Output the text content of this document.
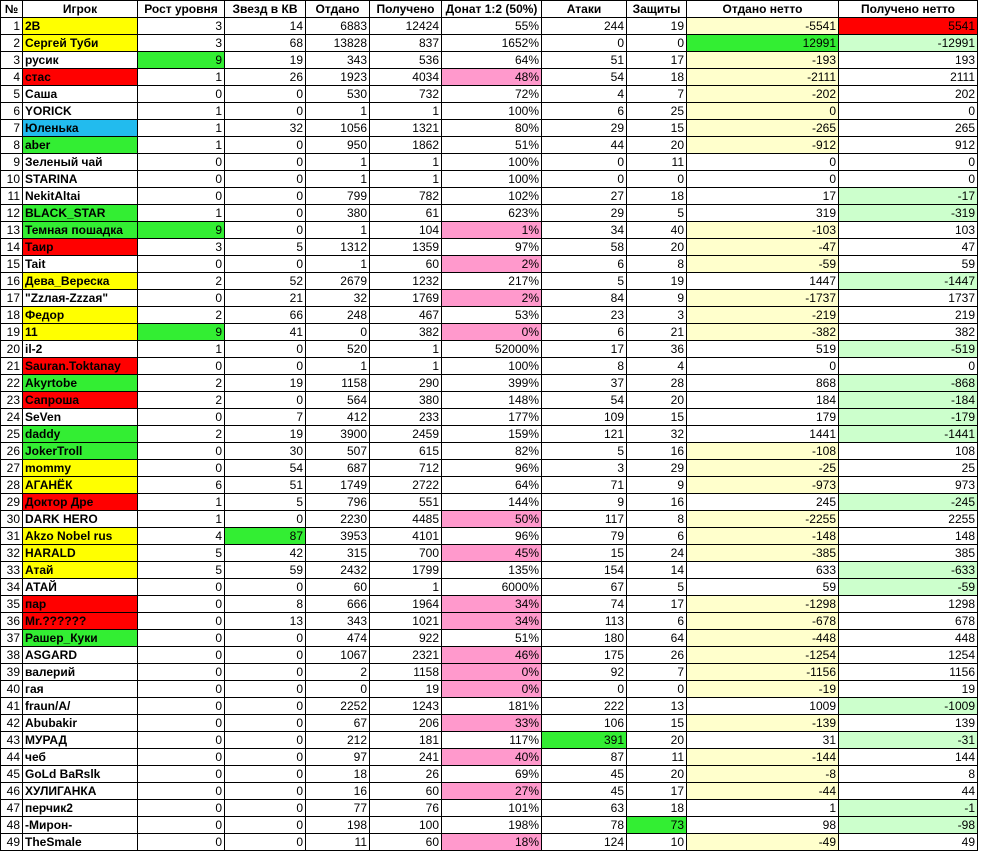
№	Игрок	Рост уровня	Звезд в КВ	Отдано	Получено	Донат 1:2 (50%)	Атаки	Защиты	Отдано нетто	Получено нетто
1	2B	3	14	6883	12424	55%	244	19	-5541	5541
2	Сергей Туби	3	68	13828	837	1652%	0	0	12991	-12991
3	русик	9	19	343	536	64%	51	17	-193	193
4	стас	1	26	1923	4034	48%	54	18	-2111	2111
5	Саша	0	0	530	732	72%	4	7	-202	202
6	YORICK	1	0	1	1	100%	6	25	0	0
7	Юленька	1	32	1056	1321	80%	29	15	-265	265
8	aber	1	0	950	1862	51%	44	20	-912	912
9	Зеленый чай	0	0	1	1	100%	0	11	0	0
10	STARINA	0	0	1	1	100%	0	0	0	0
11	NekitAltai	0	0	799	782	102%	27	18	17	-17
12	BLACK_STAR	1	0	380	61	623%	29	5	319	-319
13	Темная пошадка	9	0	1	104	1%	34	40	-103	103
14	Таир	3	5	1312	1359	97%	58	20	-47	47
15	Tait	0	0	1	60	2%	6	8	-59	59
16	Дева_Вереска	2	52	2679	1232	217%	5	19	1447	-1447
17	"Zzлая-Zzzая"	0	21	32	1769	2%	84	9	-1737	1737
18	Федор	2	66	248	467	53%	23	3	-219	219
19	11	9	41	0	382	0%	6	21	-382	382
20	il-2	1	0	520	1	52000%	17	36	519	-519
21	Sauran.Toktanay	0	0	1	1	100%	8	4	0	0
22	Akyrtobe	2	19	1158	290	399%	37	28	868	-868
23	Сапроша	2	0	564	380	148%	54	20	184	-184
24	SeVen	0	7	412	233	177%	109	15	179	-179
25	daddy	2	19	3900	2459	159%	121	32	1441	-1441
26	JokerTroll	0	30	507	615	82%	5	16	-108	108
27	mommy	0	54	687	712	96%	3	29	-25	25
28	АГАНЁК	6	51	1749	2722	64%	71	9	-973	973
29	Доктор Дре	1	5	796	551	144%	9	16	245	-245
30	DARK HERO	1	0	2230	4485	50%	117	8	-2255	2255
31	Akzo Nobel rus	4	87	3953	4101	96%	79	6	-148	148
32	HARALD	5	42	315	700	45%	15	24	-385	385
33	Атай	5	59	2432	1799	135%	154	14	633	-633
34	АТАЙ	0	0	60	1	6000%	67	5	59	-59
35	пар	0	8	666	1964	34%	74	17	-1298	1298
36	Mr.??????	0	13	343	1021	34%	113	6	-678	678
37	Рашер_Куки	0	0	474	922	51%	180	64	-448	448
38	ASGARD	0	0	1067	2321	46%	175	26	-1254	1254
39	валерий	0	0	2	1158	0%	92	7	-1156	1156
40	гая	0	0	0	19	0%	0	0	-19	19
41	fraun/A/	0	0	2252	1243	181%	222	13	1009	-1009
42	Abubakir	0	0	67	206	33%	106	15	-139	139
43	МУРАД	0	0	212	181	117%	391	20	31	-31
44	чеб	0	0	97	241	40%	87	11	-144	144
45	GoLd BaRslk	0	0	18	26	69%	45	20	-8	8
46	ХУЛИГАНКА	0	0	16	60	27%	45	17	-44	44
47	перчик2	0	0	77	76	101%	63	18	1	-1
48	-Мирон-	0	0	198	100	198%	78	73	98	-98
49	TheSmale	0	0	11	60	18%	124	10	-49	49
